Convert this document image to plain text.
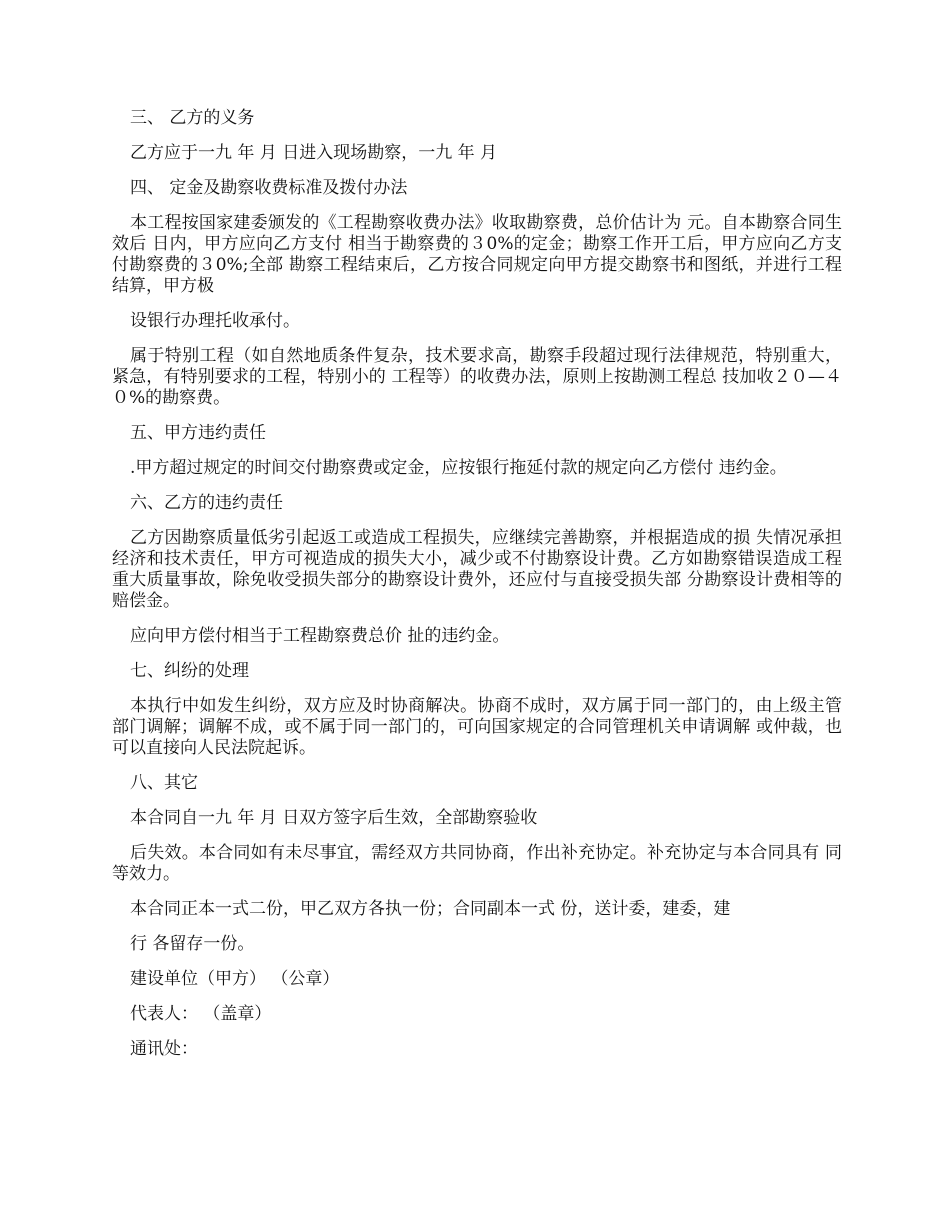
三、 乙方的义务

乙方应于一九 年 月 日进入现场勘察，一九 年 月

四、 定金及勘察收费标准及拨付办法

本工程按国家建委颁发的《工程勘察收费办法》收取勘察费，总价估计为 元。自本勘察合同生效后 日内，甲方应向乙方支付 相当于勘察费的３0%的定金；勘察工作开工后，甲方应向乙方支付勘察费的３0%;全部 勘察工程结束后，乙方按合同规定向甲方提交勘察书和图纸，并进行工程结算，甲方极

设银行办理托收承付。

属于特别工程（如自然地质条件复杂，技术要求高，勘察手段超过现行法律规范，特别重大，紧急，有特别要求的工程，特别小的 工程等）的收费办法，原则上按勘测工程总 技加收２０—４０%的勘察费。

五、甲方违约责任

.甲方超过规定的时间交付勘察费或定金，应按银行拖延付款的规定向乙方偿付 违约金。

六、乙方的违约责任

乙方因勘察质量低劣引起返工或造成工程损失，应继续完善勘察，并根据造成的损 失情况承担经济和技术责任，甲方可视造成的损失大小，减少或不付勘察设计费。乙方如勘察错误造成工程重大质量事故，除免收受损失部分的勘察设计费外，还应付与直接受损失部 分勘察设计费相等的赔偿金。

应向甲方偿付相当于工程勘察费总价 扯的违约金。

七、纠纷的处理

本执行中如发生纠纷，双方应及时协商解决。协商不成时，双方属于同一部门的，由上级主管部门调解；调解不成，或不属于同一部门的，可向国家规定的合同管理机关申请调解 或仲裁，也可以直接向人民法院起诉。

八、其它

本合同自一九 年 月 日双方签字后生效，全部勘察验收

后失效。本合同如有未尽事宜，需经双方共同协商，作出补充协定。补充协定与本合同具有 同等效力。

本合同正本一式二份，甲乙双方各执一份；合同副本一式 份，送计委，建委，建

行 各留存一份。

建设单位（甲方） （公章）

代表人： （盖章）

通讯处：
